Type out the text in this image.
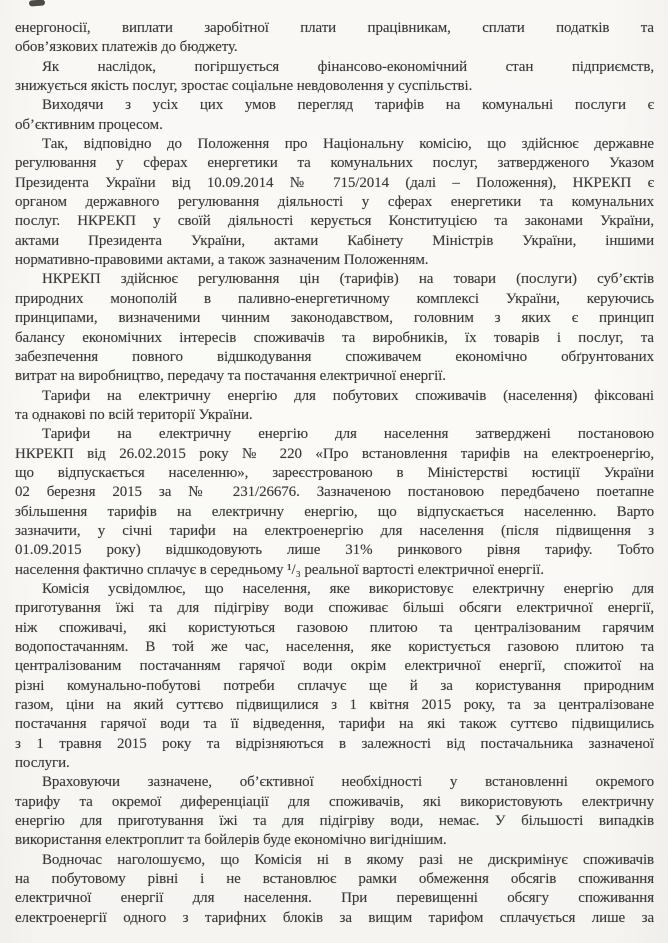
енергоносії, виплати заробітної плати працівникам, сплати податків та
обов’язкових платежів до бюджету.
Як наслідок, погіршується фінансово-економічний стан підприємств,
знижується якість послуг, зростає соціальне невдоволення у суспільстві.
Виходячи з усіх цих умов перегляд тарифів на комунальні послуги є
об’єктивним процесом.
Так, відповідно до Положення про Національну комісію, що здійснює державне
регулювання у сферах енергетики та комунальних послуг, затвердженого Указом
Президента України від 10.09.2014 № 715/2014 (далі – Положення), НКРЕКП є
органом державного регулювання діяльності у сферах енергетики та комунальних
послуг. НКРЕКП у своїй діяльності керується Конституцією та законами України,
актами Президента України, актами Кабінету Міністрів України, іншими
нормативно-правовими актами, а також зазначеним Положенням.
НКРЕКП здійснює регулювання цін (тарифів) на товари (послуги) суб’єктів
природних монополій в паливно-енергетичному комплексі України, керуючись
принципами, визначеними чинним законодавством, головним з яких є принцип
балансу економічних інтересів споживачів та виробників, їх товарів і послуг, та
забезпечення повного відшкодування споживачем економічно обґрунтованих
витрат на виробництво, передачу та постачання електричної енергії.
Тарифи на електричну енергію для побутових споживачів (населення) фіксовані
та однакові по всій території України.
Тарифи на електричну енергію для населення затверджені постановою
НКРЕКП від 26.02.2015 року № 220 «Про встановлення тарифів на електроенергію,
що відпускається населенню», зареєстрованою в Міністерстві юстиції України
02 березня 2015 за № 231/26676. Зазначеною постановою передбачено поетапне
збільшення тарифів на електричну енергію, що відпускається населенню. Варто
зазначити, у січні тарифи на електроенергію для населення (після підвищення з
01.09.2015 року) відшкодовують лише 31% ринкового рівня тарифу. Тобто
населення фактично сплачує в середньому ¹/₃ реальної вартості електричної енергії.
Комісія усвідомлює, що населення, яке використовує електричну енергію для
приготування їжі та для підігріву води споживає більші обсяги електричної енергії,
ніж споживачі, які користуються газовою плитою та централізованим гарячим
водопостачанням. В той же час, населення, яке користується газовою плитою та
централізованим постачанням гарячої води окрім електричної енергії, спожитої на
різні комунально-побутові потреби сплачує ще й за користування природним
газом, ціни на який суттєво підвищилися з 1 квітня 2015 року, та за централізоване
постачання гарячої води та її відведення, тарифи на які також суттєво підвищились
з 1 травня 2015 року та відрізняються в залежності від постачальника зазначеної
послуги.
Враховуючи зазначене, об’єктивної необхідності у встановленні окремого
тарифу та окремої диференціації для споживачів, які використовують електричну
енергію для приготування їжі та для підігріву води, немає. У більшості випадків
використання електроплит та бойлерів буде економічно вигіднішим.
Водночас наголошуємо, що Комісія ні в якому разі не дискримінує споживачів
на побутовому рівні і не встановлює рамки обмеження обсягів споживання
електричної енергії для населення. При перевищенні обсягу споживання
електроенергії одного з тарифних блоків за вищим тарифом сплачується лише за
